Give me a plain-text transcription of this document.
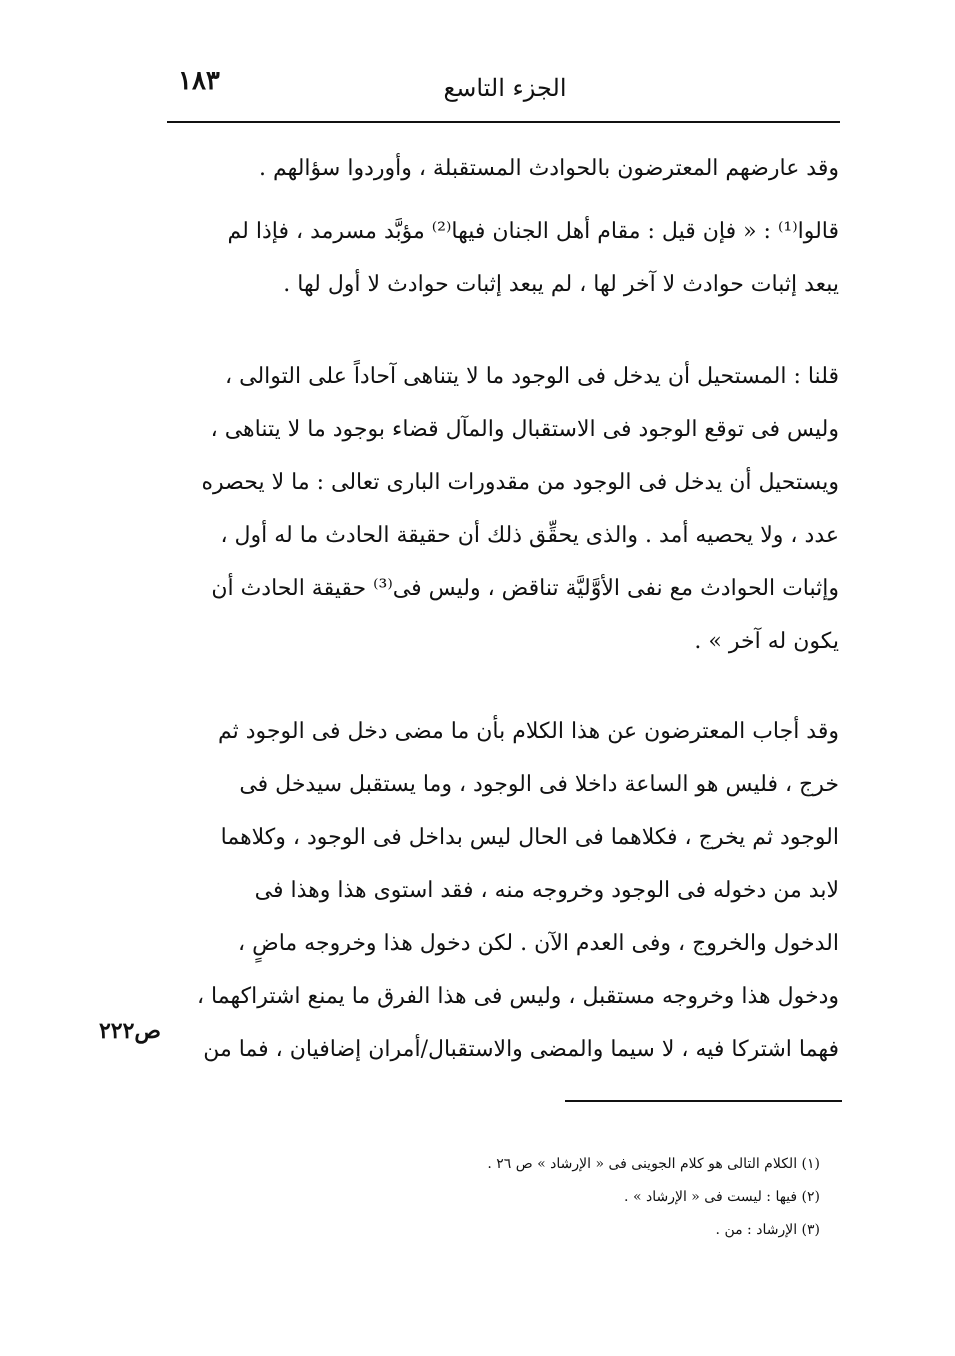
١٨٣	الجزء التاسع

وقد عارضهم المعترضون بالحوادث المستقبلة ، وأوردوا سؤالهم .

قالوا⁽¹⁾ : « فإن قيل : مقام أهل الجنان فيها⁽²⁾ مؤبَّد مسرمد ، فإذا لم
يبعد إثبات حوادث لا آخر لها ، لم يبعد إثبات حوادث لا أول لها .

قلنا : المستحيل أن يدخل فى الوجود ما لا يتناهى آحاداً على التوالى ،
وليس فى توقع الوجود فى الاستقبال والمآل قضاء بوجود ما لا يتناهى ،
ويستحيل أن يدخل فى الوجود من مقدورات البارى تعالى : ما لا يحصره
عدد ، ولا يحصيه أمد . والذى يحقِّق ذلك أن حقيقة الحادث ما له أول ،
وإثبات الحوادث مع نفى الأوَّليَّة تناقض ، وليس فى⁽³⁾ حقيقة الحادث أن
يكون له آخر » .

وقد أجاب المعترضون عن هذا الكلام بأن ما مضى دخل فى الوجود ثم
خرج ، فليس هو الساعة داخلا فى الوجود ، وما يستقبل سيدخل فى
الوجود ثم يخرج ، فكلاهما فى الحال ليس بداخل فى الوجود ، وكلاهما
لابد من دخوله فى الوجود وخروجه منه ، فقد استوى هذا وهذا فى
الدخول والخروج ، وفى العدم الآن . لكن دخول هذا وخروجه ماضٍ ،
ودخول هذا وخروجه مستقبل ، وليس فى هذا الفرق ما يمنع اشتراكهما ،
فهما اشتركا فيه ، لا سيما والمضى والاستقبال/أمران إضافيان ، فما من

ص٢٢٢
(١) الكلام التالى هو كلام الجوينى فى « الإرشاد » ص ٢٦ .
(٢) فيها : ليست فى « الإرشاد » .
(٣) الإرشاد : من .
